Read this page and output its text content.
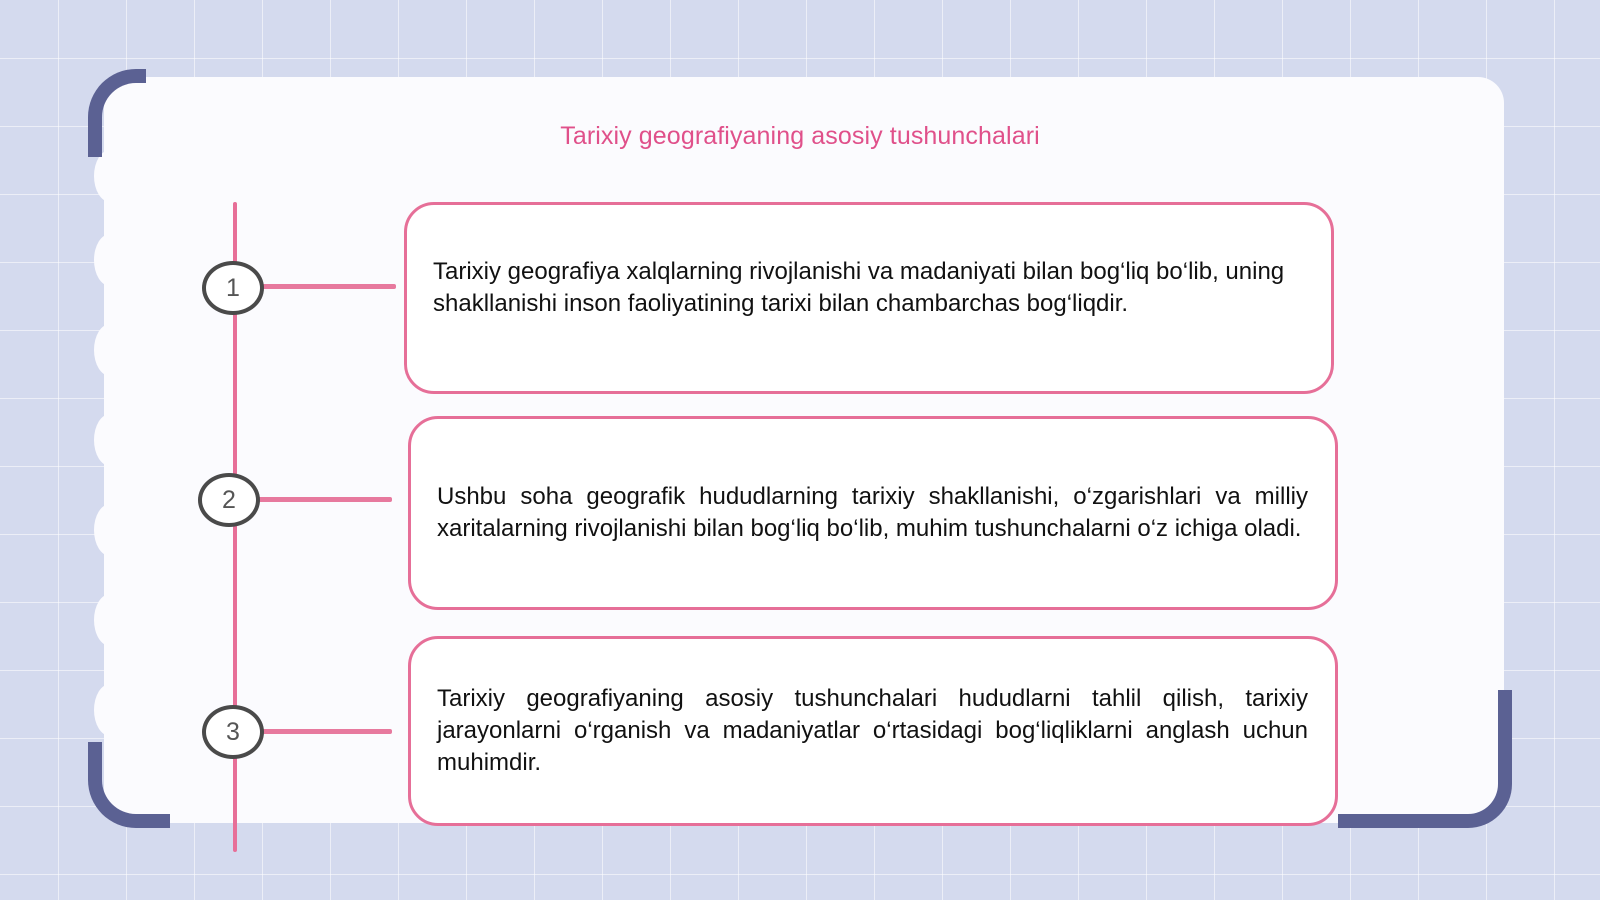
Tarixiy geografiyaning asosiy tushunchalari
1
2
3

Tarixiy geografiya xalqlarning rivojlanishi va madaniyati bilan bog‘liq bo‘lib, uning shakllanishi inson faoliyatining tarixi bilan chambarchas bog‘liqdir.

Ushbu soha geografik hududlarning tarixiy shakllanishi, o‘zgarishlari va milliy xaritalarning rivojlanishi bilan bog‘liq bo‘lib, muhim tushunchalarni o‘z ichiga oladi.

Tarixiy geografiyaning asosiy tushunchalari hududlarni tahlil qilish, tarixiy jarayonlarni o‘rganish va madaniyatlar o‘rtasidagi bog‘liqliklarni anglash uchun muhimdir.
